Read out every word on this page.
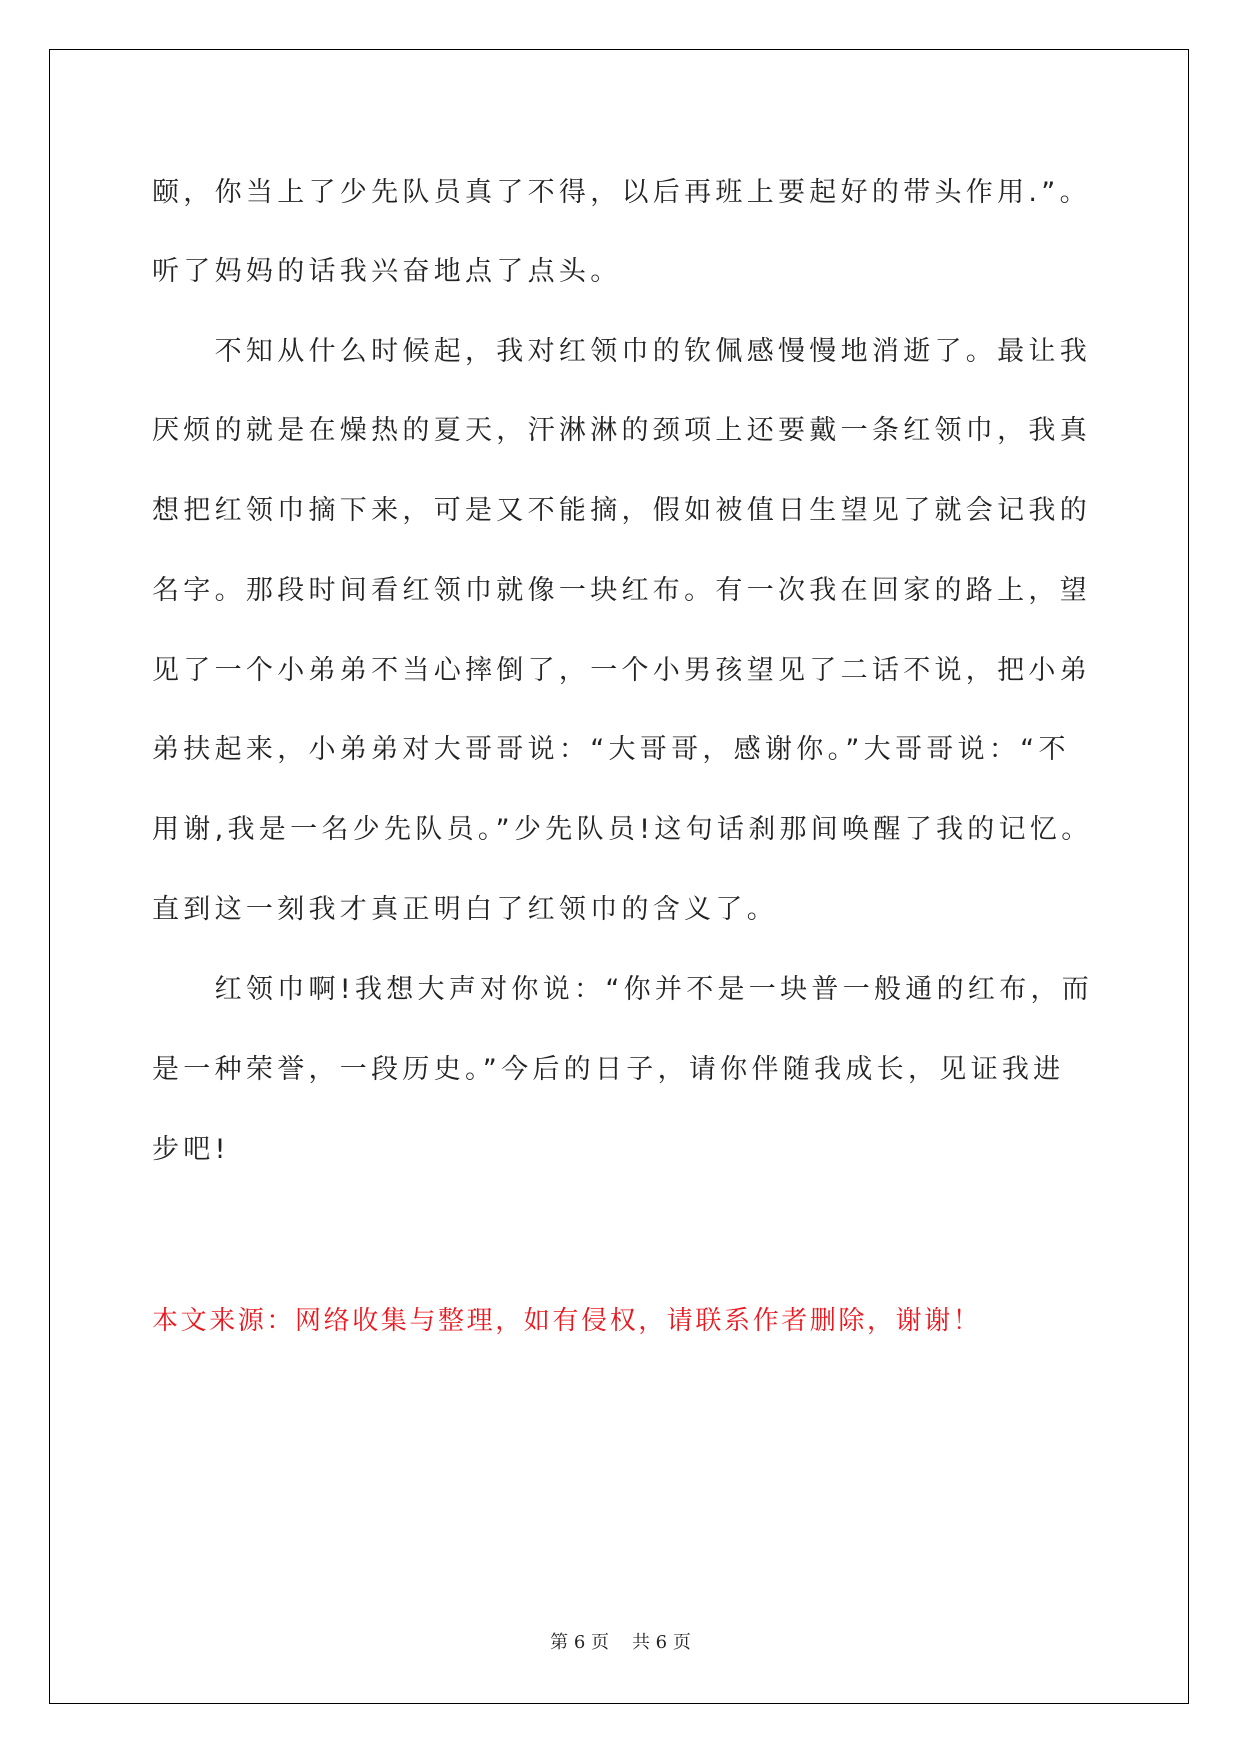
颐，你当上了少先队员真了不得，以后再班上要起好的带头作用.”。
听了妈妈的话我兴奋地点了点头。
　　不知从什么时候起，我对红领巾的钦佩感慢慢地消逝了。最让我
厌烦的就是在燥热的夏天，汗淋淋的颈项上还要戴一条红领巾，我真
想把红领巾摘下来，可是又不能摘，假如被值日生望见了就会记我的
名字。那段时间看红领巾就像一块红布。有一次我在回家的路上，望
见了一个小弟弟不当心摔倒了，一个小男孩望见了二话不说，把小弟
弟扶起来，小弟弟对大哥哥说：“大哥哥，感谢你。”大哥哥说：“不
用谢,我是一名少先队员。”少先队员!这句话刹那间唤醒了我的记忆。
直到这一刻我才真正明白了红领巾的含义了。
　　红领巾啊!我想大声对你说：“你并不是一块普一般通的红布，而
是一种荣誉，一段历史。”今后的日子，请你伴随我成长，见证我进
步吧!
本文来源：网络收集与整理，如有侵权，请联系作者删除，谢谢！
第 6 页 共 6 页
